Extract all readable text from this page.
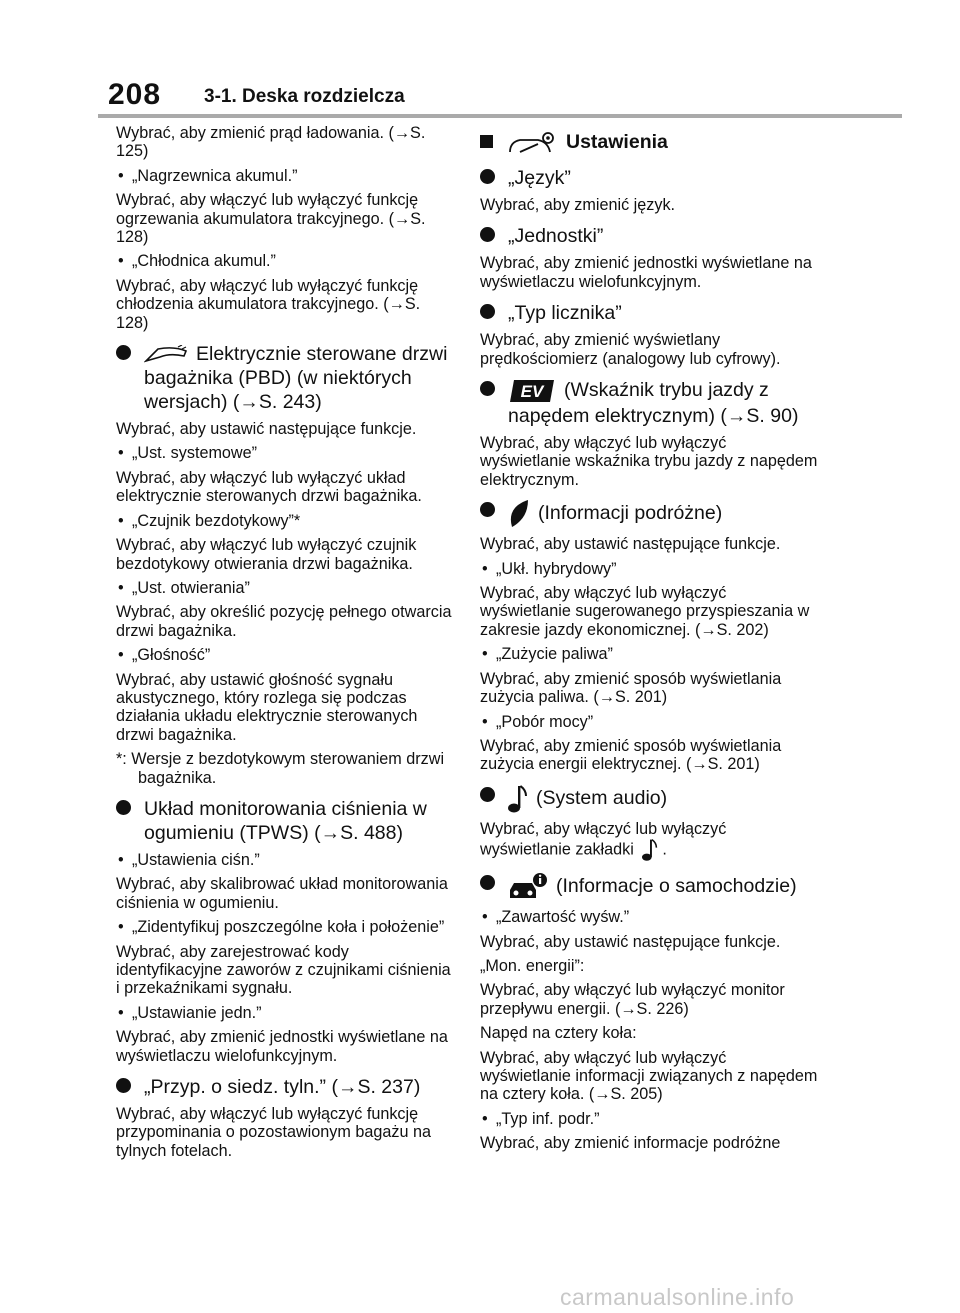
208 3-1. Deska rozdzielcza
Wybrać, aby zmienić prąd ładowania. (→S. 125)
• „Nagrzewnica akumul.”
Wybrać, aby włączyć lub wyłączyć funkcję ogrzewania akumulatora trakcyjnego. (→S. 128)
• „Chłodnica akumul.”
Wybrać, aby włączyć lub wyłączyć funkcję chłodzenia akumulatora trakcyjnego. (→S. 128)
Elektrycznie sterowane drzwi bagażnika (PBD) (w niektórych wersjach) (→S. 243)
Wybrać, aby ustawić następujące funkcje.
• „Ust. systemowe”
Wybrać, aby włączyć lub wyłączyć układ elektrycznie sterowanych drzwi bagażnika.
• „Czujnik bezdotykowy”*
Wybrać, aby włączyć lub wyłączyć czujnik bezdotykowy otwierania drzwi bagażnika.
• „Ust. otwierania”
Wybrać, aby określić pozycję pełnego otwarcia drzwi bagażnika.
• „Głośność”
Wybrać, aby ustawić głośność sygnału akustycznego, który rozlega się podczas działania układu elektrycznie sterowanych drzwi bagażnika.
*: Wersje z bezdotykowym sterowaniem drzwi bagażnika.
Układ monitorowania ciśnienia w ogumieniu (TPWS) (→S. 488)
• „Ustawienia ciśn.”
Wybrać, aby skalibrować układ monitorowania ciśnienia w ogumieniu.
• „Zidentyfikuj poszczególne koła i położenie”
Wybrać, aby zarejestrować kody identyfikacyjne zaworów z czujnikami ciśnienia i przekaźnikami sygnału.
• „Ustawianie jedn.”
Wybrać, aby zmienić jednostki wyświetlane na wyświetlaczu wielofunkcyjnym.
„Przyp. o siedz. tyln.” (→S. 237)
Wybrać, aby włączyć lub wyłączyć funkcję przypominania o pozostawionym bagażu na tylnych fotelach.
Ustawienia
„Język”
Wybrać, aby zmienić język.
„Jednostki”
Wybrać, aby zmienić jednostki wyświetlane na wyświetlaczu wielofunkcyjnym.
„Typ licznika”
Wybrać, aby zmienić wyświetlany prędkościomierz (analogowy lub cyfrowy).
EV (Wskaźnik trybu jazdy z napędem elektrycznym) (→S. 90)
Wybrać, aby włączyć lub wyłączyć wyświetlanie wskaźnika trybu jazdy z napędem elektrycznym.
(Informacji podróżne)
Wybrać, aby ustawić następujące funkcje.
• „Ukł. hybrydowy”
Wybrać, aby włączyć lub wyłączyć wyświetlanie sugerowanego przyspieszania w zakresie jazdy ekonomicznej. (→S. 202)
• „Zużycie paliwa”
Wybrać, aby zmienić sposób wyświetlania zużycia paliwa. (→S. 201)
• „Pobór mocy”
Wybrać, aby zmienić sposób wyświetlania zużycia energii elektrycznej. (→S. 201)
(System audio)
Wybrać, aby włączyć lub wyłączyć wyświetlanie zakładki .
(Informacje o samochodzie)
• „Zawartość wyśw.”
Wybrać, aby ustawić następujące funkcje.
„Mon. energii”:
Wybrać, aby włączyć lub wyłączyć monitor przepływu energii. (→S. 226)
Napęd na cztery koła:
Wybrać, aby włączyć lub wyłączyć wyświetlanie informacji związanych z napędem na cztery koła. (→S. 205)
• „Typ inf. podr.”
Wybrać, aby zmienić informacje podróżne
carmanualsonline.info
